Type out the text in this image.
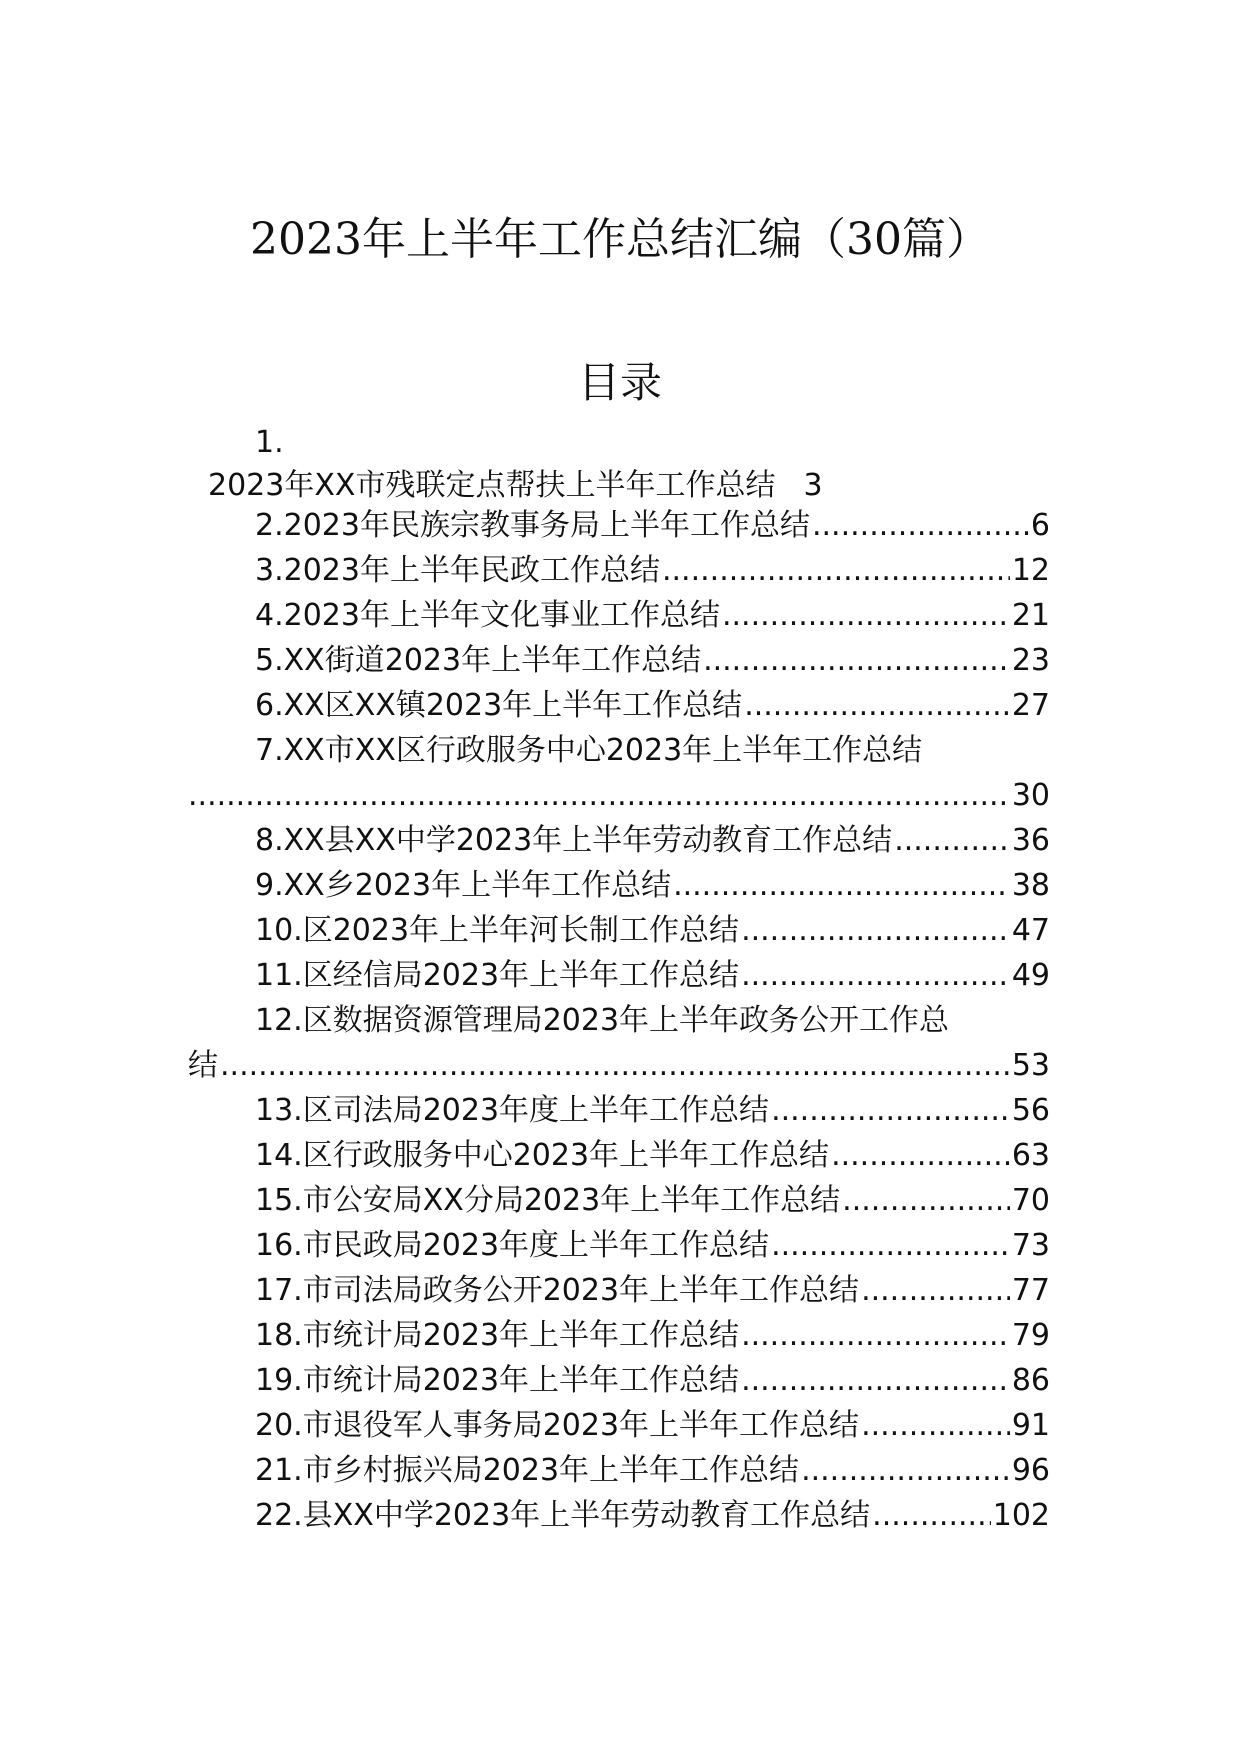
2023年上半年工作总结汇编（30篇）
目录
1.
2023年XX市残联定点帮扶上半年工作总结 3
2.2023年民族宗教事务局上半年工作总结 .....	6
3.2023年上半年民政工作总结 .....	12
4.2023年上半年文化事业工作总结 .....	21
5.XX街道2023年上半年工作总结 .....	23
6.XX区XX镇2023年上半年工作总结 .....	27
7.XX市XX区行政服务中心2023年上半年工作总结
.....
30
8.XX县XX中学2023年上半年劳动教育工作总结 .....	36
9.XX乡2023年上半年工作总结 .....	38
10.区2023年上半年河长制工作总结 .....	47
11.区经信局2023年上半年工作总结 .....	49
12.区数据资源管理局2023年上半年政务公开工作总
结 .....	53
13.区司法局2023年度上半年工作总结 .....	56
14.区行政服务中心2023年上半年工作总结 .....	63
15.市公安局XX分局2023年上半年工作总结 .....	70
16.市民政局2023年度上半年工作总结 .....	73
17.市司法局政务公开2023年上半年工作总结 .....	77
18.市统计局2023年上半年工作总结 .....	79
19.市统计局2023年上半年工作总结 .....	86
20.市退役军人事务局2023年上半年工作总结 .....	91
21.市乡村振兴局2023年上半年工作总结 .....	96
22.县XX中学2023年上半年劳动教育工作总结 .....	102
